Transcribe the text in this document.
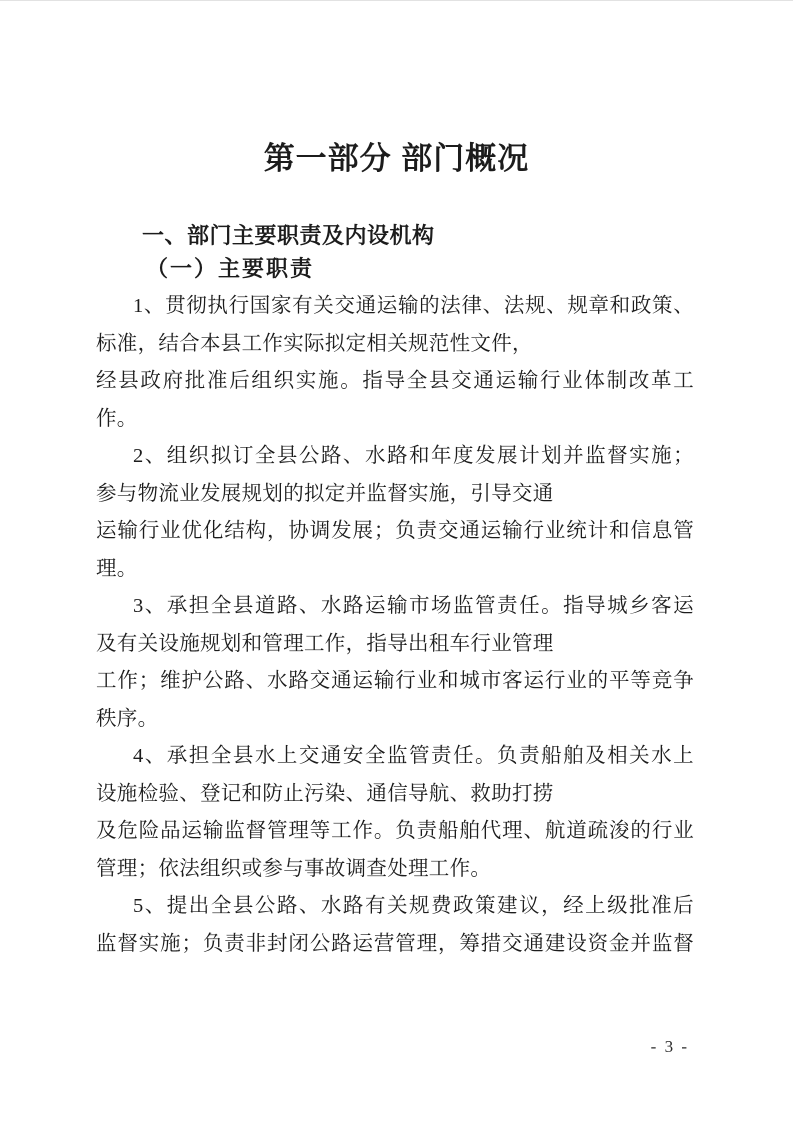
第一部分 部门概况
一、部门主要职责及内设机构
（一）主要职责
1、贯彻执行国家有关交通运输的法律、法规、规章和政策、
标准，结合本县工作实际拟定相关规范性文件，
经县政府批准后组织实施。指导全县交通运输行业体制改革工
作。
2、组织拟订全县公路、水路和年度发展计划并监督实施；
参与物流业发展规划的拟定并监督实施，引导交通
运输行业优化结构，协调发展；负责交通运输行业统计和信息管
理。
3、承担全县道路、水路运输市场监管责任。指导城乡客运
及有关设施规划和管理工作，指导出租车行业管理
工作；维护公路、水路交通运输行业和城市客运行业的平等竞争
秩序。
4、承担全县水上交通安全监管责任。负责船舶及相关水上
设施检验、登记和防止污染、通信导航、救助打捞
及危险品运输监督管理等工作。负责船舶代理、航道疏浚的行业
管理；依法组织或参与事故调查处理工作。
5、提出全县公路、水路有关规费政策建议，经上级批准后
监督实施；负责非封闭公路运营管理，筹措交通建设资金并监督
- 3 -
